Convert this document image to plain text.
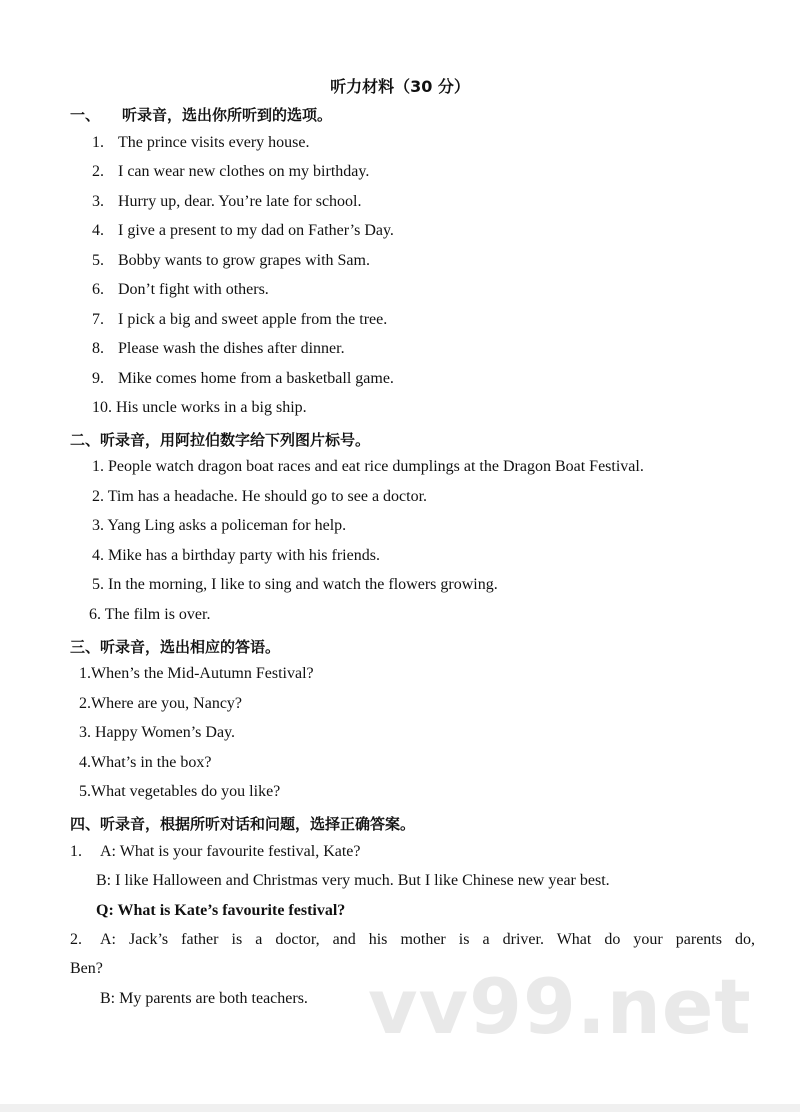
听力材料（30 分）
一、 听录音，选出你所听到的选项。
1. The prince visits every house.
2. I can wear new clothes on my birthday.
3. Hurry up, dear. You’re late for school.
4. I give a present to my dad on Father’s Day.
5. Bobby wants to grow grapes with Sam.
6. Don’t fight with others.
7. I pick a big and sweet apple from the tree.
8. Please wash the dishes after dinner.
9. Mike comes home from a basketball game.
10. His uncle works in a big ship.
二、听录音，用阿拉伯数字给下列图片标号。
1. People watch dragon boat races and eat rice dumplings at the Dragon Boat Festival.
2. Tim has a headache. He should go to see a doctor.
3. Yang Ling asks a policeman for help.
4. Mike has a birthday party with his friends.
5. In the morning, I like to sing and watch the flowers growing.
6. The film is over.
三、听录音，选出相应的答语。
1.When’s the Mid-Autumn Festival?
2.Where are you, Nancy?
3. Happy Women’s Day.
4.What’s in the box?
5.What vegetables do you like?
四、听录音，根据所听对话和问题，选择正确答案。
1. A: What is your favourite festival, Kate?
B: I like Halloween and Christmas very much. But I like Chinese new year best.
Q: What is Kate’s favourite festival?
2. A: Jack’s father is a doctor, and his mother is a driver. What do your parents do,
Ben?
B: My parents are both teachers. vv99.net
